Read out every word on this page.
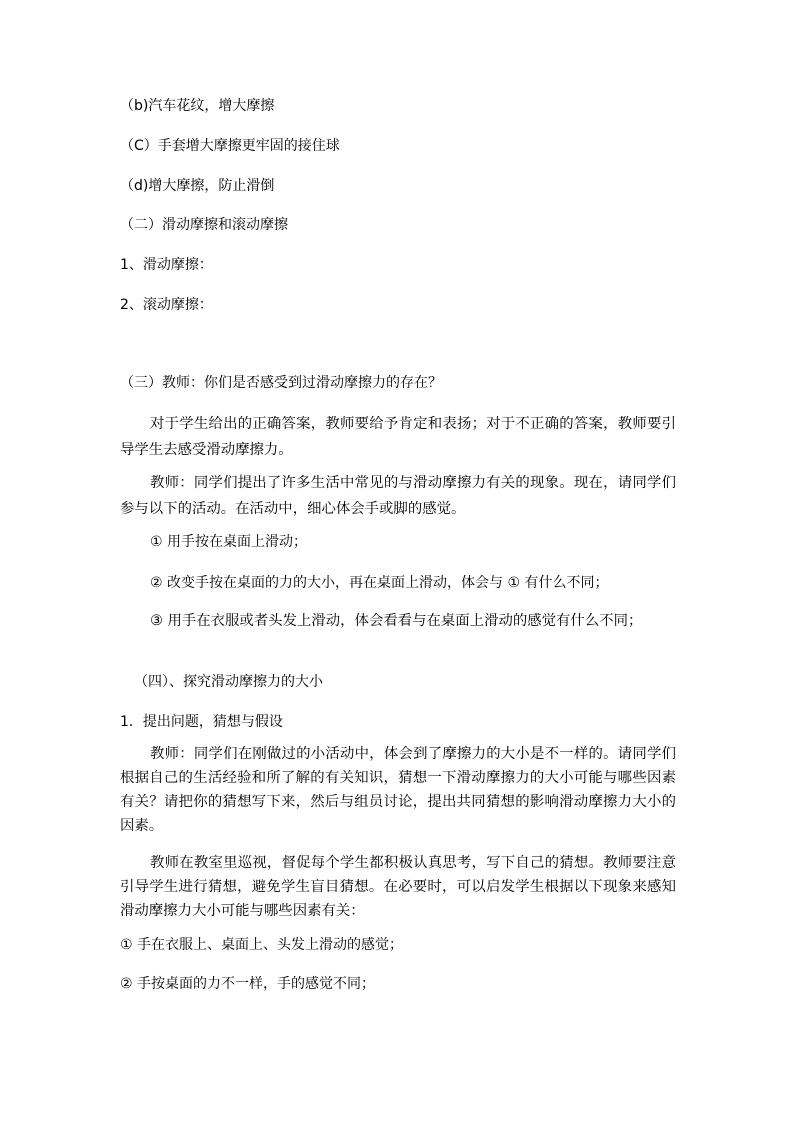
（b)汽车花纹，增大摩擦
（C）手套增大摩擦更牢固的接住球
（d)增大摩擦，防止滑倒
（二）滑动摩擦和滚动摩擦
1、滑动摩擦：
2、滚动摩擦：
（三）教师：你们是否感受到过滑动摩擦力的存在？
对于学生给出的正确答案，教师要给予肯定和表扬；对于不正确的答案，教师要引导学生去感受滑动摩擦力。
教师：同学们提出了许多生活中常见的与滑动摩擦力有关的现象。现在，请同学们参与以下的活动。在活动中，细心体会手或脚的感觉。
① 用手按在桌面上滑动；
② 改变手按在桌面的力的大小，再在桌面上滑动，体会与 ① 有什么不同；
③ 用手在衣服或者头发上滑动，体会看看与在桌面上滑动的感觉有什么不同；
（四）、探究滑动摩擦力的大小
1．提出问题，猜想与假设
教师：同学们在刚做过的小活动中，体会到了摩擦力的大小是不一样的。请同学们根据自己的生活经验和所了解的有关知识，猜想一下滑动摩擦力的大小可能与哪些因素有关？请把你的猜想写下来，然后与组员讨论，提出共同猜想的影响滑动摩擦力大小的因素。
教师在教室里巡视，督促每个学生都积极认真思考，写下自己的猜想。教师要注意引导学生进行猜想，避免学生盲目猜想。在必要时，可以启发学生根据以下现象来感知滑动摩擦力大小可能与哪些因素有关：
① 手在衣服上、桌面上、头发上滑动的感觉；
② 手按桌面的力不一样，手的感觉不同；
